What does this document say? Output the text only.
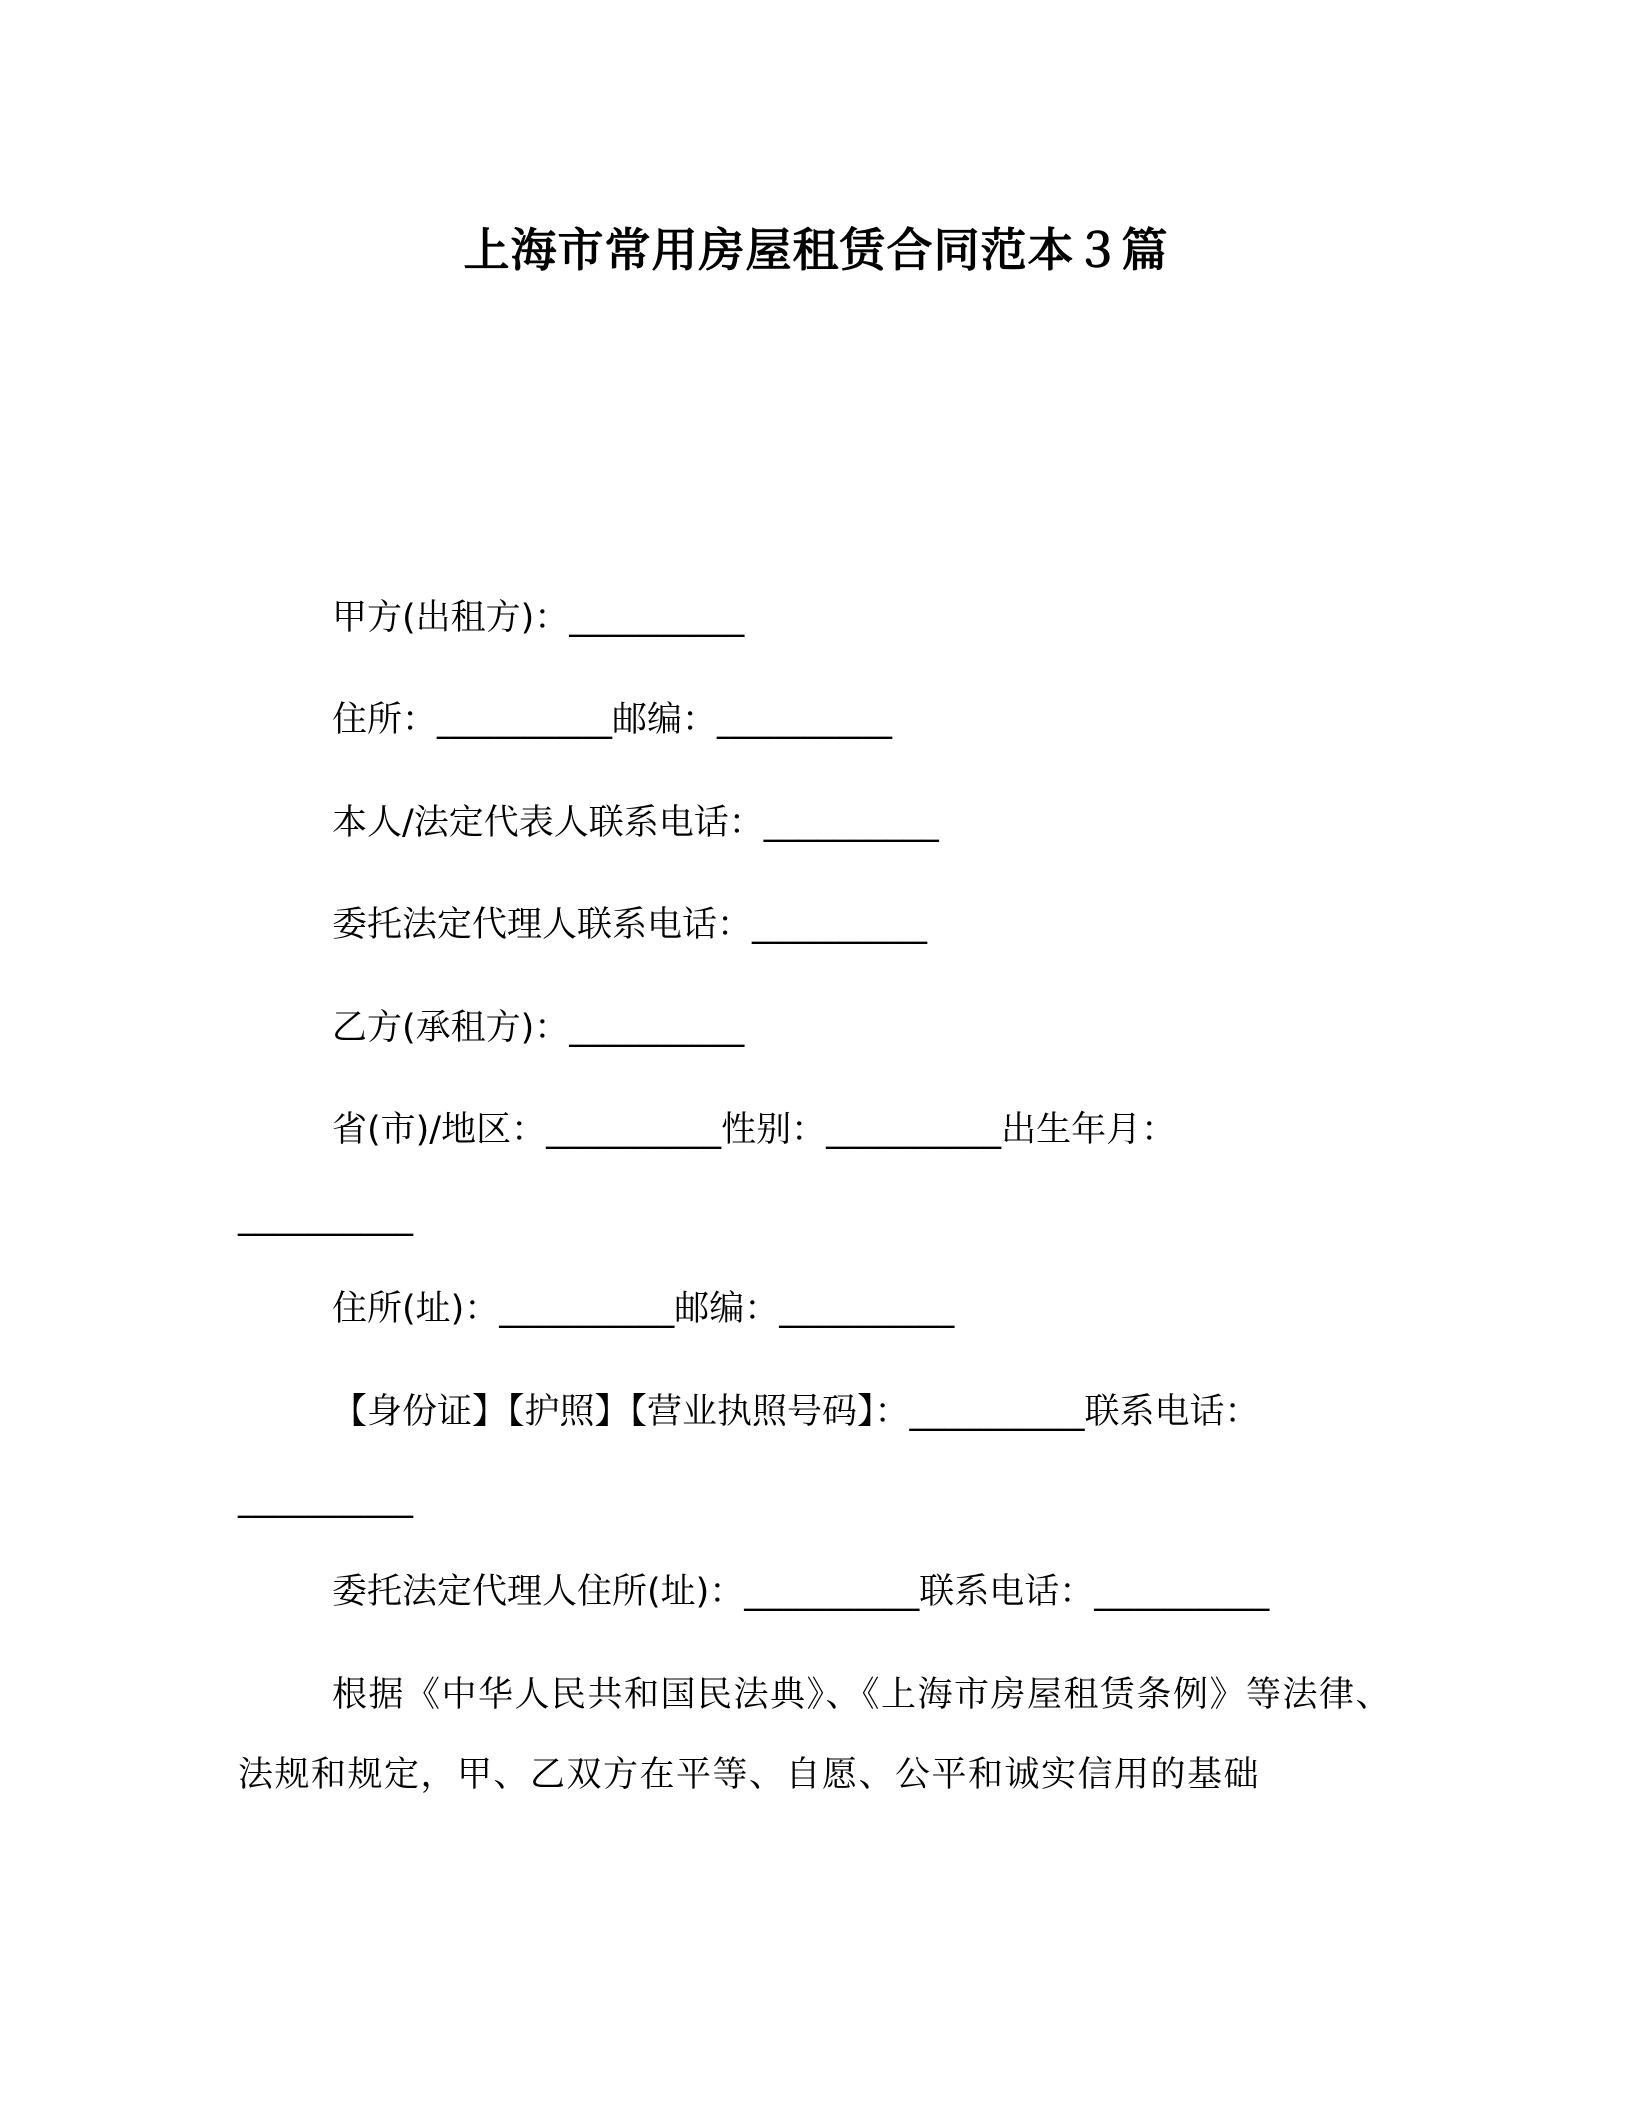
上海市常用房屋租赁合同范本３篇
甲方(出租方)：__________
住所：__________邮编：__________
本人/法定代表人联系电话：__________
委托法定代理人联系电话：__________
乙方(承租方)：__________
省(市)/地区：__________性别：__________出生年月：
__________
住所(址)：__________邮编：__________
【身份证】【护照】【营业执照号码】：__________联系电话：
__________
委托法定代理人住所(址)：__________联系电话：__________
根据《中华人民共和国民法典》、《上海市房屋租赁条例》等法律、法规和规定，甲、乙双方在平等、自愿、公平和诚实信用的基础
